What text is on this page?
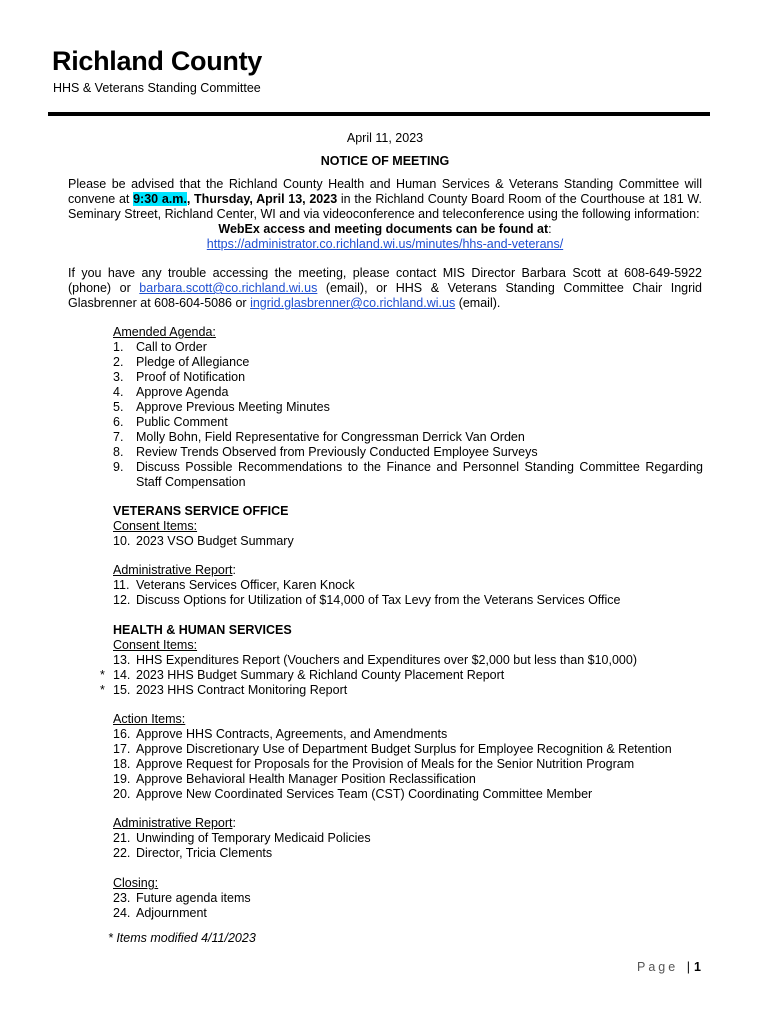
Richland County
HHS & Veterans Standing Committee
April 11, 2023
NOTICE OF MEETING
Please be advised that the Richland County Health and Human Services & Veterans Standing Committee will convene at 9:30 a.m., Thursday, April 13, 2023 in the Richland County Board Room of the Courthouse at 181 W. Seminary Street, Richland Center, WI and via videoconference and teleconference using the following information:
WebEx access and meeting documents can be found at:
https://administrator.co.richland.wi.us/minutes/hhs-and-veterans/
If you have any trouble accessing the meeting, please contact MIS Director Barbara Scott at 608-649-5922 (phone) or barbara.scott@co.richland.wi.us (email), or HHS & Veterans Standing Committee Chair Ingrid Glasbrenner at 608-604-5086 or ingrid.glasbrenner@co.richland.wi.us (email).
Amended Agenda:
1.	Call to Order
2.	Pledge of Allegiance
3.	Proof of Notification
4.	Approve Agenda
5.	Approve Previous Meeting Minutes
6.	Public Comment
7.	Molly Bohn, Field Representative for Congressman Derrick Van Orden
8.	Review Trends Observed from Previously Conducted Employee Surveys
9.	Discuss Possible Recommendations to the Finance and Personnel Standing Committee Regarding Staff Compensation
VETERANS SERVICE OFFICE
Consent Items:
10. 2023 VSO Budget Summary
Administrative Report:
11. Veterans Services Officer, Karen Knock
12. Discuss Options for Utilization of $14,000 of Tax Levy from the Veterans Services Office
HEALTH & HUMAN SERVICES
Consent Items:
13. HHS Expenditures Report (Vouchers and Expenditures over $2,000 but less than $10,000)
* 14. 2023 HHS Budget Summary & Richland County Placement Report
* 15. 2023 HHS Contract Monitoring Report
Action Items:
16. Approve HHS Contracts, Agreements, and Amendments
17. Approve Discretionary Use of Department Budget Surplus for Employee Recognition & Retention
18. Approve Request for Proposals for the Provision of Meals for the Senior Nutrition Program
19. Approve Behavioral Health Manager Position Reclassification
20. Approve New Coordinated Services Team (CST) Coordinating Committee Member
Administrative Report:
21. Unwinding of Temporary Medicaid Policies
22. Director, Tricia Clements
Closing:
23. Future agenda items
24. Adjournment
* Items modified 4/11/2023
Page | 1
